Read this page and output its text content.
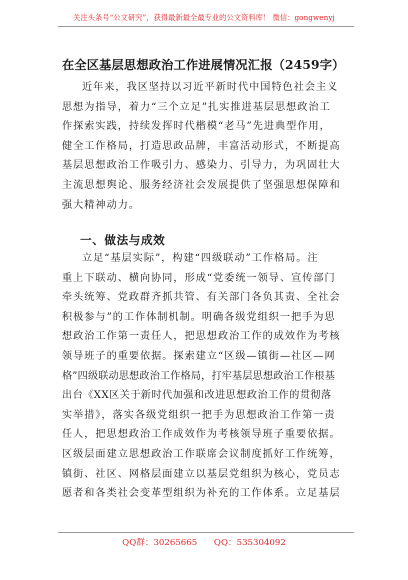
关注头条号“公文研究”，获得最新最全最专业的公文资料库！ 微信：gongwenyj
在全区基层思想政治工作进展情况汇报（2459字）
近年来，我区坚持以习近平新时代中国特色社会主义
思想为指导，着力“三个立足”扎实推进基层思想政治工
作探索实践，持续发挥时代楷模“老马”先进典型作用，
健全工作格局，打造思政品牌，丰富活动形式，不断提高
基层思想政治工作吸引力、感染力、引导力，为巩固壮大
主流思想舆论、服务经济社会发展提供了坚强思想保障和
强大精神动力。
一、做法与成效
立足“基层实际”，构建“四级联动”工作格局。注
重上下联动、横向协同，形成“党委统一领导、宣传部门
牵头统筹、党政群齐抓共管、有关部门各负其责、全社会
积极参与”的工作体制机制。明确各级党组织一把手为思
想政治工作第一责任人，把思想政治工作的成效作为考核
领导班子的重要依据。探索建立“区级—镇街—社区—网
格”四级联动思想政治工作格局，打牢基层思想政治工作根基
出台《XX区关于新时代加强和改进思想政治工作的贯彻落
实举措》，落实各级党组织一把手为思想政治工作第一责
任人，把思想政治工作成效作为考核领导班子重要依据。
区级层面建立思想政治工作联席会议制度抓好工作统筹，
镇街、社区、网格层面建立以基层党组织为核心，党员志
愿者和各类社会变革型组织为补充的工作体系。立足基层
QQ群：30265665 QQ：535304092
